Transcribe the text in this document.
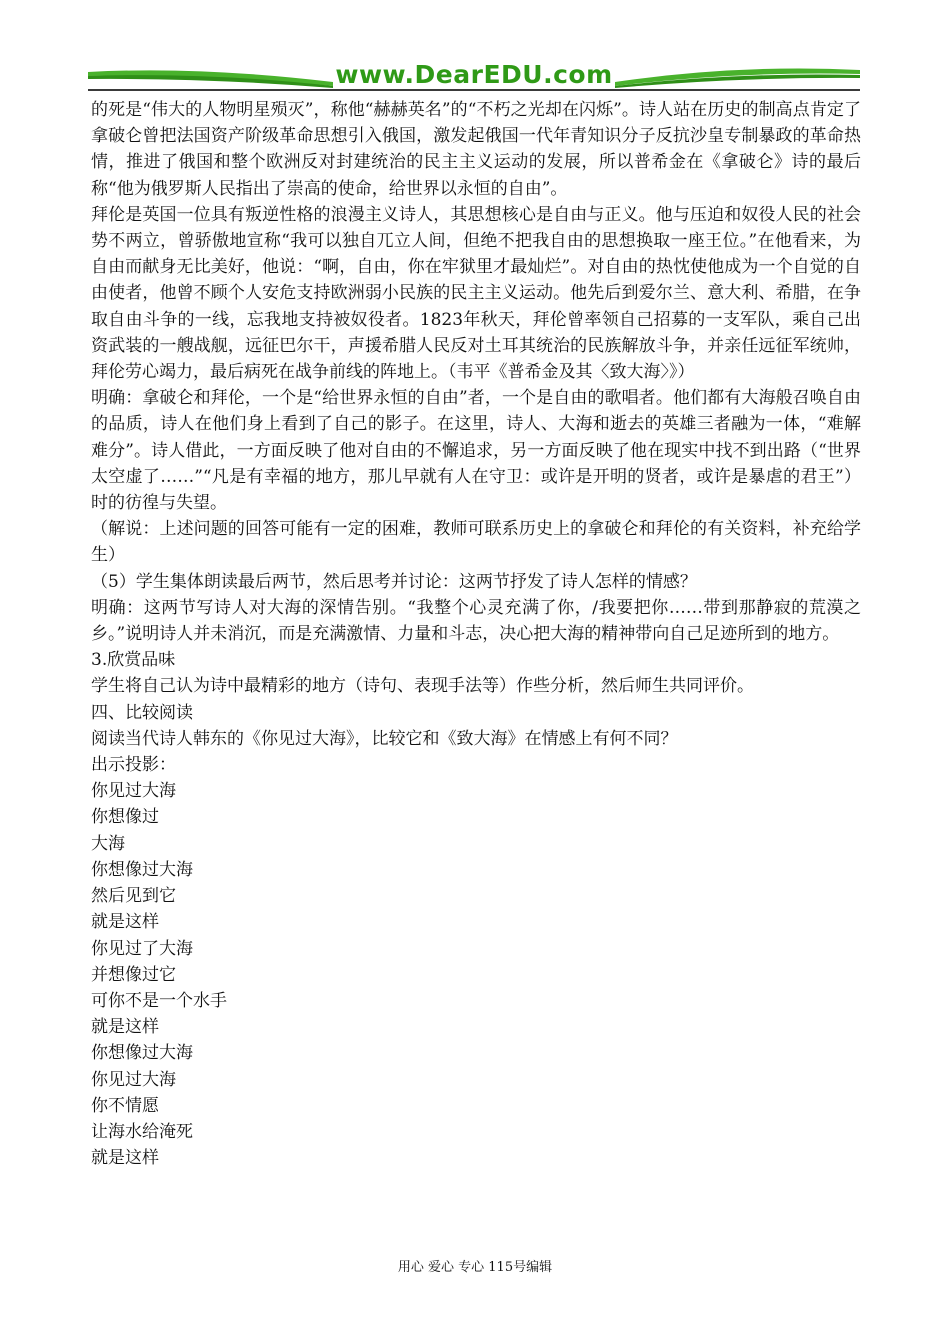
www.DearEDU.com

的死是“伟大的人物明星殒灭”，称他“赫赫英名”的“不朽之光却在闪烁”。诗人站在历史的制高点肯定了拿破仑曾把法国资产阶级革命思想引入俄国，激发起俄国一代年青知识分子反抗沙皇专制暴政的革命热情，推进了俄国和整个欧洲反对封建统治的民主主义运动的发展，所以普希金在《拿破仑》诗的最后称“他为俄罗斯人民指出了崇高的使命，给世界以永恒的自由”。

拜伦是英国一位具有叛逆性格的浪漫主义诗人，其思想核心是自由与正义。他与压迫和奴役人民的社会势不两立，曾骄傲地宣称“我可以独自兀立人间，但绝不把我自由的思想换取一座王位。”在他看来，为自由而献身无比美好，他说：“啊，自由，你在牢狱里才最灿烂”。对自由的热忱使他成为一个自觉的自由使者，他曾不顾个人安危支持欧洲弱小民族的民主主义运动。他先后到爱尔兰、意大利、希腊，在争取自由斗争的一线，忘我地支持被奴役者。1823年秋天，拜伦曾率领自己招募的一支军队，乘自己出资武装的一艘战舰，远征巴尔干，声援希腊人民反对土耳其统治的民族解放斗争，并亲任远征军统帅，拜伦劳心竭力，最后病死在战争前线的阵地上。（韦平《普希金及其〈致大海〉》）

明确：拿破仑和拜伦，一个是“给世界永恒的自由”者，一个是自由的歌唱者。他们都有大海般召唤自由的品质，诗人在他们身上看到了自己的影子。在这里，诗人、大海和逝去的英雄三者融为一体，“难解难分”。诗人借此，一方面反映了他对自由的不懈追求，另一方面反映了他在现实中找不到出路（“世界太空虚了……”“凡是有幸福的地方，那儿早就有人在守卫：或许是开明的贤者，或许是暴虐的君王”）时的彷徨与失望。

（解说：上述问题的回答可能有一定的困难，教师可联系历史上的拿破仑和拜伦的有关资料，补充给学生）

（5）学生集体朗读最后两节，然后思考并讨论：这两节抒发了诗人怎样的情感？

明确：这两节写诗人对大海的深情告别。“我整个心灵充满了你，/我要把你……带到那静寂的荒漠之乡。”说明诗人并未消沉，而是充满激情、力量和斗志，决心把大海的精神带向自己足迹所到的地方。

3.欣赏品味

学生将自己认为诗中最精彩的地方（诗句、表现手法等）作些分析，然后师生共同评价。

四、比较阅读

阅读当代诗人韩东的《你见过大海》，比较它和《致大海》在情感上有何不同？

出示投影：

你见过大海

你想像过

大海

你想像过大海

然后见到它

就是这样

你见过了大海

并想像过它

可你不是一个水手

就是这样

你想像过大海

你见过大海

你不情愿

让海水给淹死

就是这样

用心 爱心 专心 115号编辑
